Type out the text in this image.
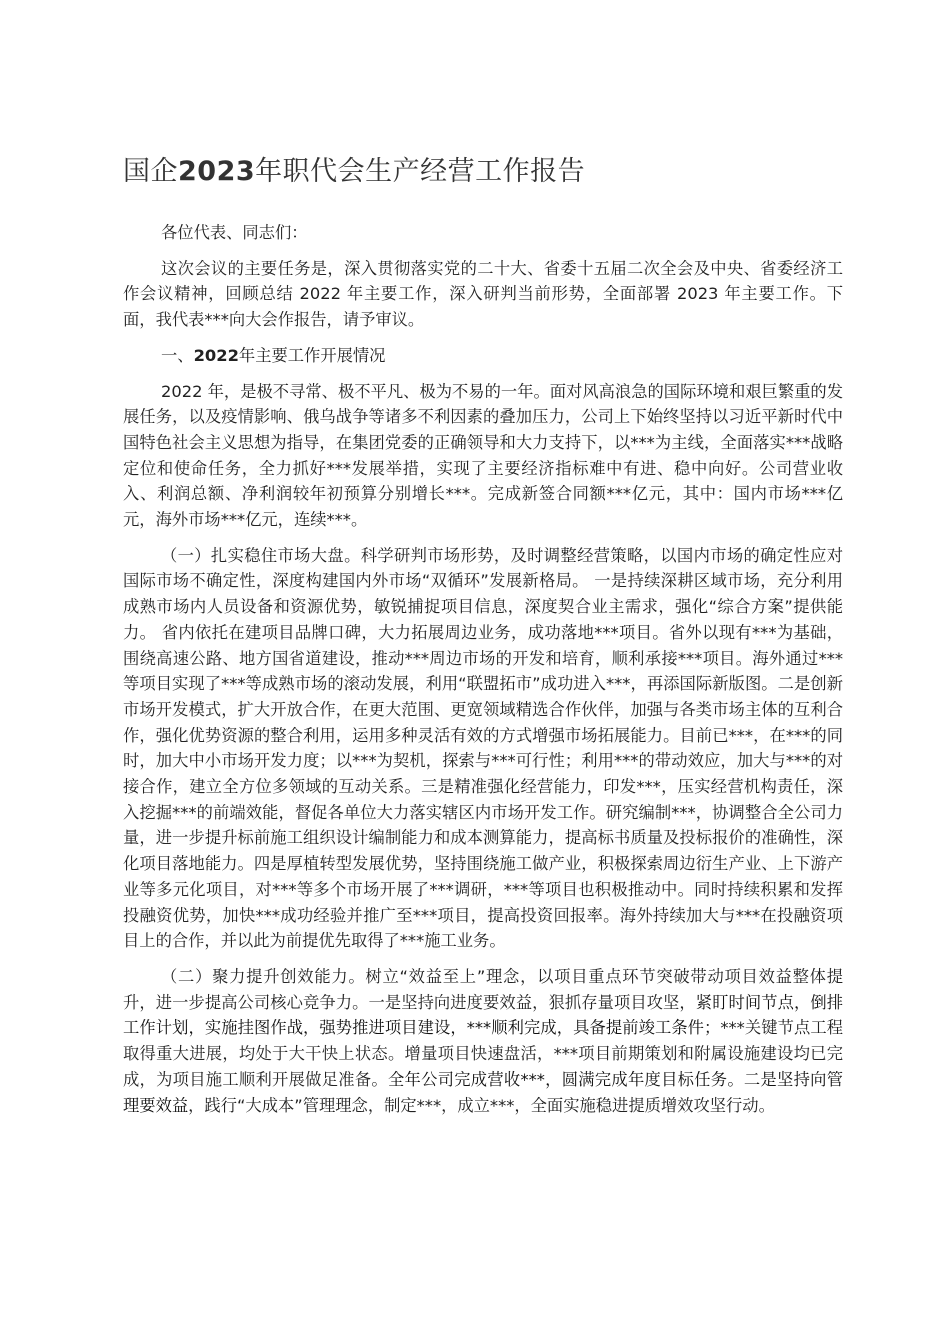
国企2023年职代会生产经营工作报告

各位代表、同志们：

这次会议的主要任务是，深入贯彻落实党的二十大、省委十五届二次全会及中央、省委经济工作会议精神，回顾总结 2022 年主要工作，深入研判当前形势，全面部署 2023 年主要工作。下面，我代表***向大会作报告，请予审议。

一、2022年主要工作开展情况

2022 年，是极不寻常、极不平凡、极为不易的一年。面对风高浪急的国际环境和艰巨繁重的发展任务，以及疫情影响、俄乌战争等诸多不利因素的叠加压力，公司上下始终坚持以习近平新时代中国特色社会主义思想为指导，在集团党委的正确领导和大力支持下，以***为主线，全面落实***战略定位和使命任务，全力抓好***发展举措，实现了主要经济指标难中有进、稳中向好。公司营业收入、利润总额、净利润较年初预算分别增长***。完成新签合同额***亿元，其中：国内市场***亿元，海外市场***亿元，连续***。

（一）扎实稳住市场大盘。科学研判市场形势，及时调整经营策略，以国内市场的确定性应对国际市场不确定性，深度构建国内外市场“双循环”发展新格局。 一是持续深耕区域市场，充分利用成熟市场内人员设备和资源优势，敏锐捕捉项目信息，深度契合业主需求，强化“综合方案”提供能力。 省内依托在建项目品牌口碑，大力拓展周边业务，成功落地***项目。省外以现有***为基础，围绕高速公路、地方国省道建设，推动***周边市场的开发和培育，顺利承接***项目。海外通过***等项目实现了***等成熟市场的滚动发展，利用“联盟拓市”成功进入***，再添国际新版图。二是创新市场开发模式，扩大开放合作，在更大范围、更宽领域精选合作伙伴，加强与各类市场主体的互利合作，强化优势资源的整合利用，运用多种灵活有效的方式增强市场拓展能力。目前已***，在***的同时，加大中小市场开发力度；以***为契机，探索与***可行性；利用***的带动效应，加大与***的对接合作，建立全方位多领域的互动关系。三是精准强化经营能力，印发***，压实经营机构责任，深入挖掘***的前端效能，督促各单位大力落实辖区内市场开发工作。研究编制***，协调整合全公司力量，进一步提升标前施工组织设计编制能力和成本测算能力，提高标书质量及投标报价的准确性，深化项目落地能力。四是厚植转型发展优势，坚持围绕施工做产业，积极探索周边衍生产业、上下游产业等多元化项目，对***等多个市场开展了***调研，***等项目也积极推动中。同时持续积累和发挥投融资优势，加快***成功经验并推广至***项目，提高投资回报率。海外持续加大与***在投融资项目上的合作，并以此为前提优先取得了***施工业务。

（二）聚力提升创效能力。树立“效益至上”理念，以项目重点环节突破带动项目效益整体提升，进一步提高公司核心竞争力。一是坚持向进度要效益，狠抓存量项目攻坚，紧盯时间节点，倒排工作计划，实施挂图作战，强势推进项目建设，***顺利完成，具备提前竣工条件；***关键节点工程取得重大进展，均处于大干快上状态。增量项目快速盘活，***项目前期策划和附属设施建设均已完成，为项目施工顺利开展做足准备。全年公司完成营收***，圆满完成年度目标任务。二是坚持向管理要效益，践行“大成本”管理理念，制定***，成立***，全面实施稳进提质增效攻坚行动。
